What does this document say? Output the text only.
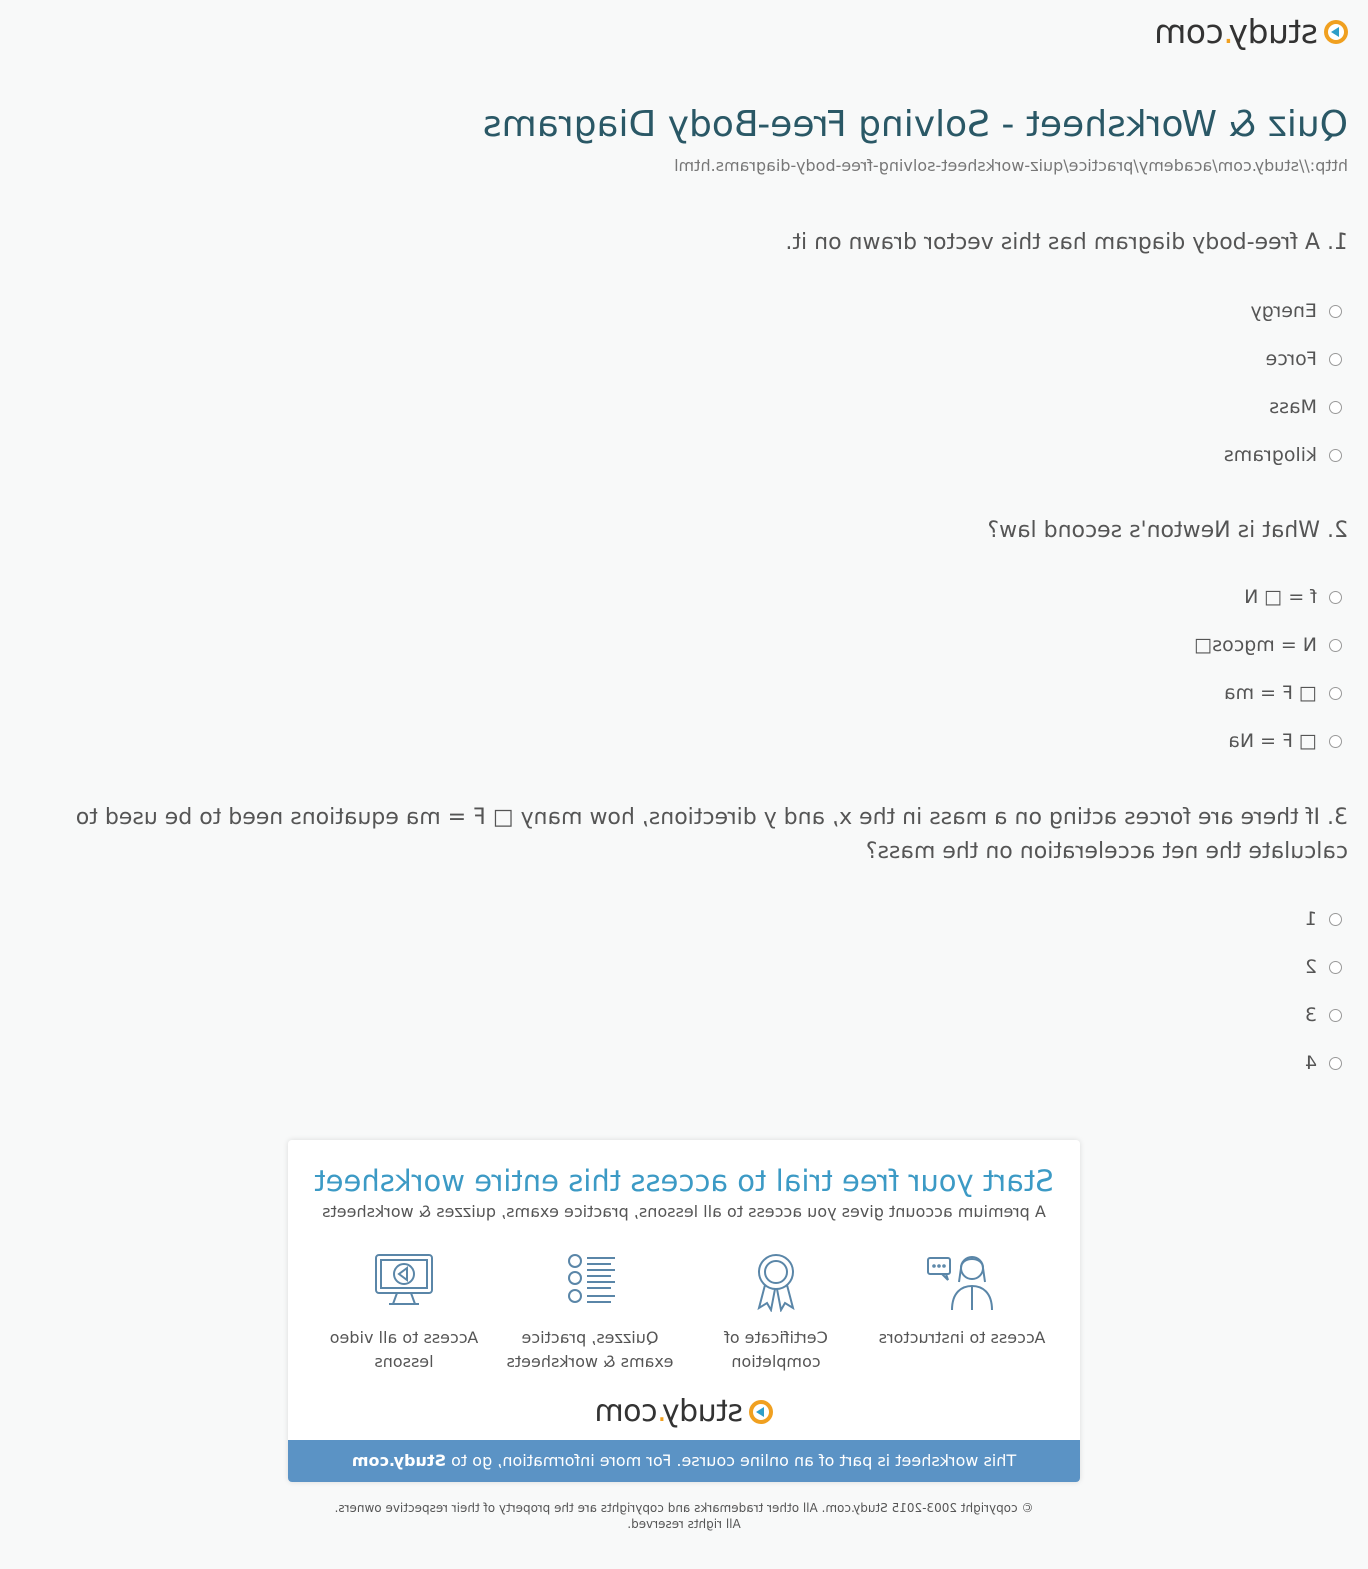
study.com
Quiz & Worksheet - Solving Free-Body Diagrams
http://study.com/academy/practice/quiz-worksheet-solving-free-body-diagrams.html

1. A free-body diagram has this vector drawn on it.

Energy
Force
Mass
kilograms

2. What is Newton's second law?

f = □ N
N = mgcos□
□ F = ma
□ F = Na

3. If there are forces acting on a mass in the x, and y directions, how many □ F = ma equations need to be used to calculate the net acceleration on the mass?

1
2
3
4
Start your free trial to access this entire worksheet
A premium account gives you access to all lessons, practice exams, quizzes & worksheets
Access to all video lessons
Quizzes, practice exams & worksheets
Certificate of completion
Access to instructors
study.com
This worksheet is part of an online course. For more information, go to Study.com
© copyright 2003-2015 Study.com. All other trademarks and copyrights are the property of their respective owners.
All rights reserved.
